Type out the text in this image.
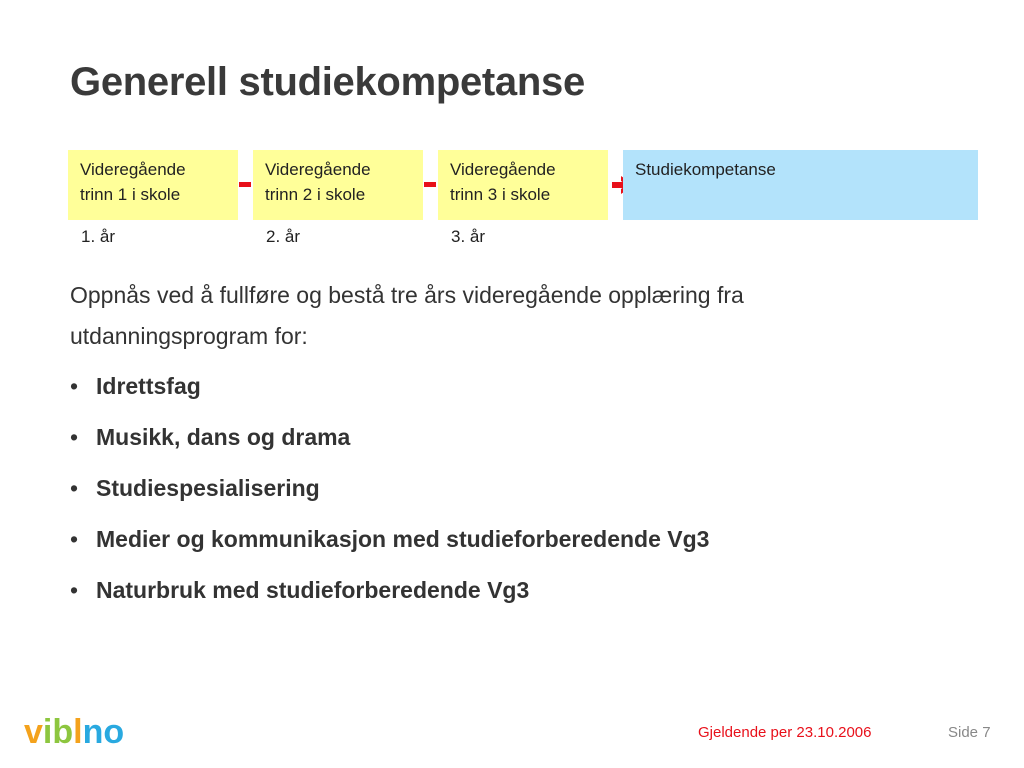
Generell studiekompetanse
Videregående
trinn 1 i skole
Videregående
trinn 2 i skole
Videregående
trinn 3 i skole
Studiekompetanse
1. år	2. år	3. år

Oppnås ved å fullføre og bestå tre års videregående opplæring fra utdanningsprogram for:

• Idrettsfag
• Musikk, dans og drama
• Studiespesialisering
• Medier og kommunikasjon med studieforberedende Vg3
• Naturbruk med studieforberedende Vg3
viblno	Gjeldende per 23.10.2006	Side 7
